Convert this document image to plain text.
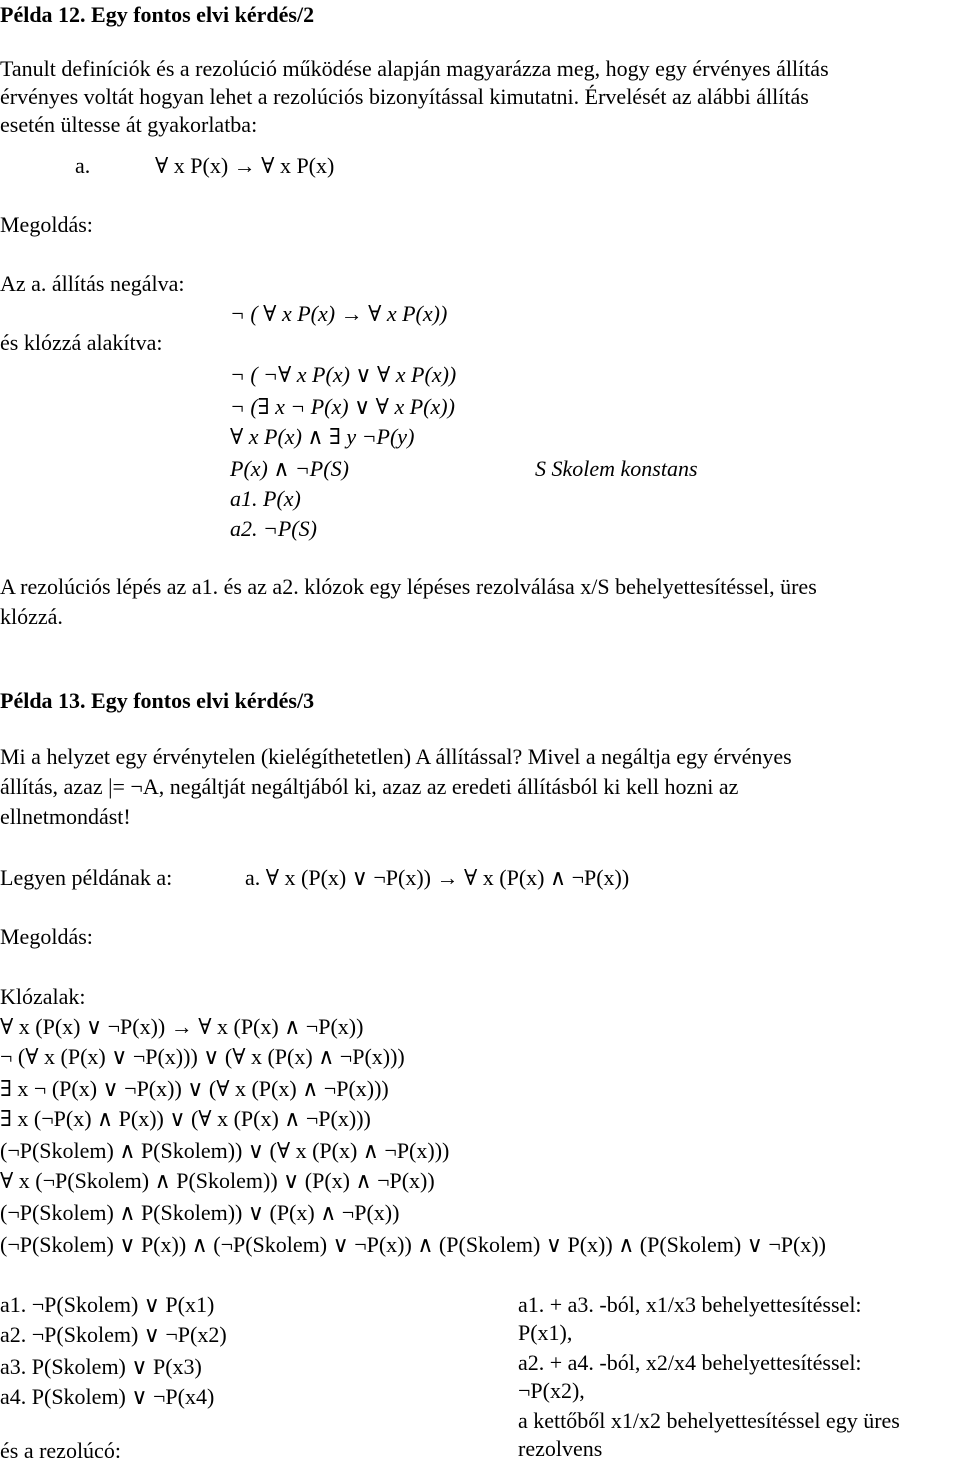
Példa 12. Egy fontos elvi kérdés/2
Tanult definíciók és a rezolúció működése alapján magyarázza meg, hogy egy érvényes állítás
érvényes voltát hogyan lehet a rezolúciós bizonyítással kimutatni. Érvelését az alábbi állítás
esetén ültesse át gyakorlatba:
a.	∀ x P(x) → ∀ x P(x)
Megoldás:
Az a. állítás negálva:
¬ ( ∀ x P(x) → ∀ x P(x))
és klózzá alakítva:
¬ ( ¬∀ x P(x) ∨ ∀ x P(x))
¬ (∃ x ¬ P(x) ∨ ∀ x P(x))
∀ x P(x) ∧ ∃ y ¬P(y)
P(x) ∧ ¬P(S)	S Skolem konstans
a1. P(x)
a2. ¬P(S)
A rezolúciós lépés az a1. és az a2. klózok egy lépéses rezolválása x/S behelyettesítéssel, üres
klózzá.
Példa 13. Egy fontos elvi kérdés/3
Mi a helyzet egy érvénytelen (kielégíthetetlen) A állítással? Mivel a negáltja egy érvényes
állítás, azaz |= ¬A, negáltját negáltjából ki, azaz az eredeti állításból ki kell hozni az
ellnetmondást!
Legyen példának a:	a. ∀ x (P(x) ∨ ¬P(x)) → ∀ x (P(x) ∧ ¬P(x))
Megoldás:
Klózalak:
∀ x (P(x) ∨ ¬P(x)) → ∀ x (P(x) ∧ ¬P(x))
¬ (∀ x (P(x) ∨ ¬P(x))) ∨ (∀ x (P(x) ∧ ¬P(x)))
∃ x ¬ (P(x) ∨ ¬P(x)) ∨ (∀ x (P(x) ∧ ¬P(x)))
∃ x (¬P(x) ∧ P(x)) ∨ (∀ x (P(x) ∧ ¬P(x)))
(¬P(Skolem) ∧ P(Skolem)) ∨ (∀ x (P(x) ∧ ¬P(x)))
∀ x (¬P(Skolem) ∧ P(Skolem)) ∨ (P(x) ∧ ¬P(x))
(¬P(Skolem) ∧ P(Skolem)) ∨ (P(x) ∧ ¬P(x))
(¬P(Skolem) ∨ P(x)) ∧ (¬P(Skolem) ∨ ¬P(x)) ∧ (P(Skolem) ∨ P(x)) ∧ (P(Skolem) ∨ ¬P(x))
a1. ¬P(Skolem) ∨ P(x1)
a2. ¬P(Skolem) ∨ ¬P(x2)
a3. P(Skolem) ∨ P(x3)
a4. P(Skolem) ∨ ¬P(x4)
és a rezolúcó:
a1. + a3. -ból, x1/x3 behelyettesítéssel:
P(x1),
a2. + a4. -ból, x2/x4 behelyettesítéssel:
¬P(x2),
a kettőből x1/x2 behelyettesítéssel egy üres
rezolvens
